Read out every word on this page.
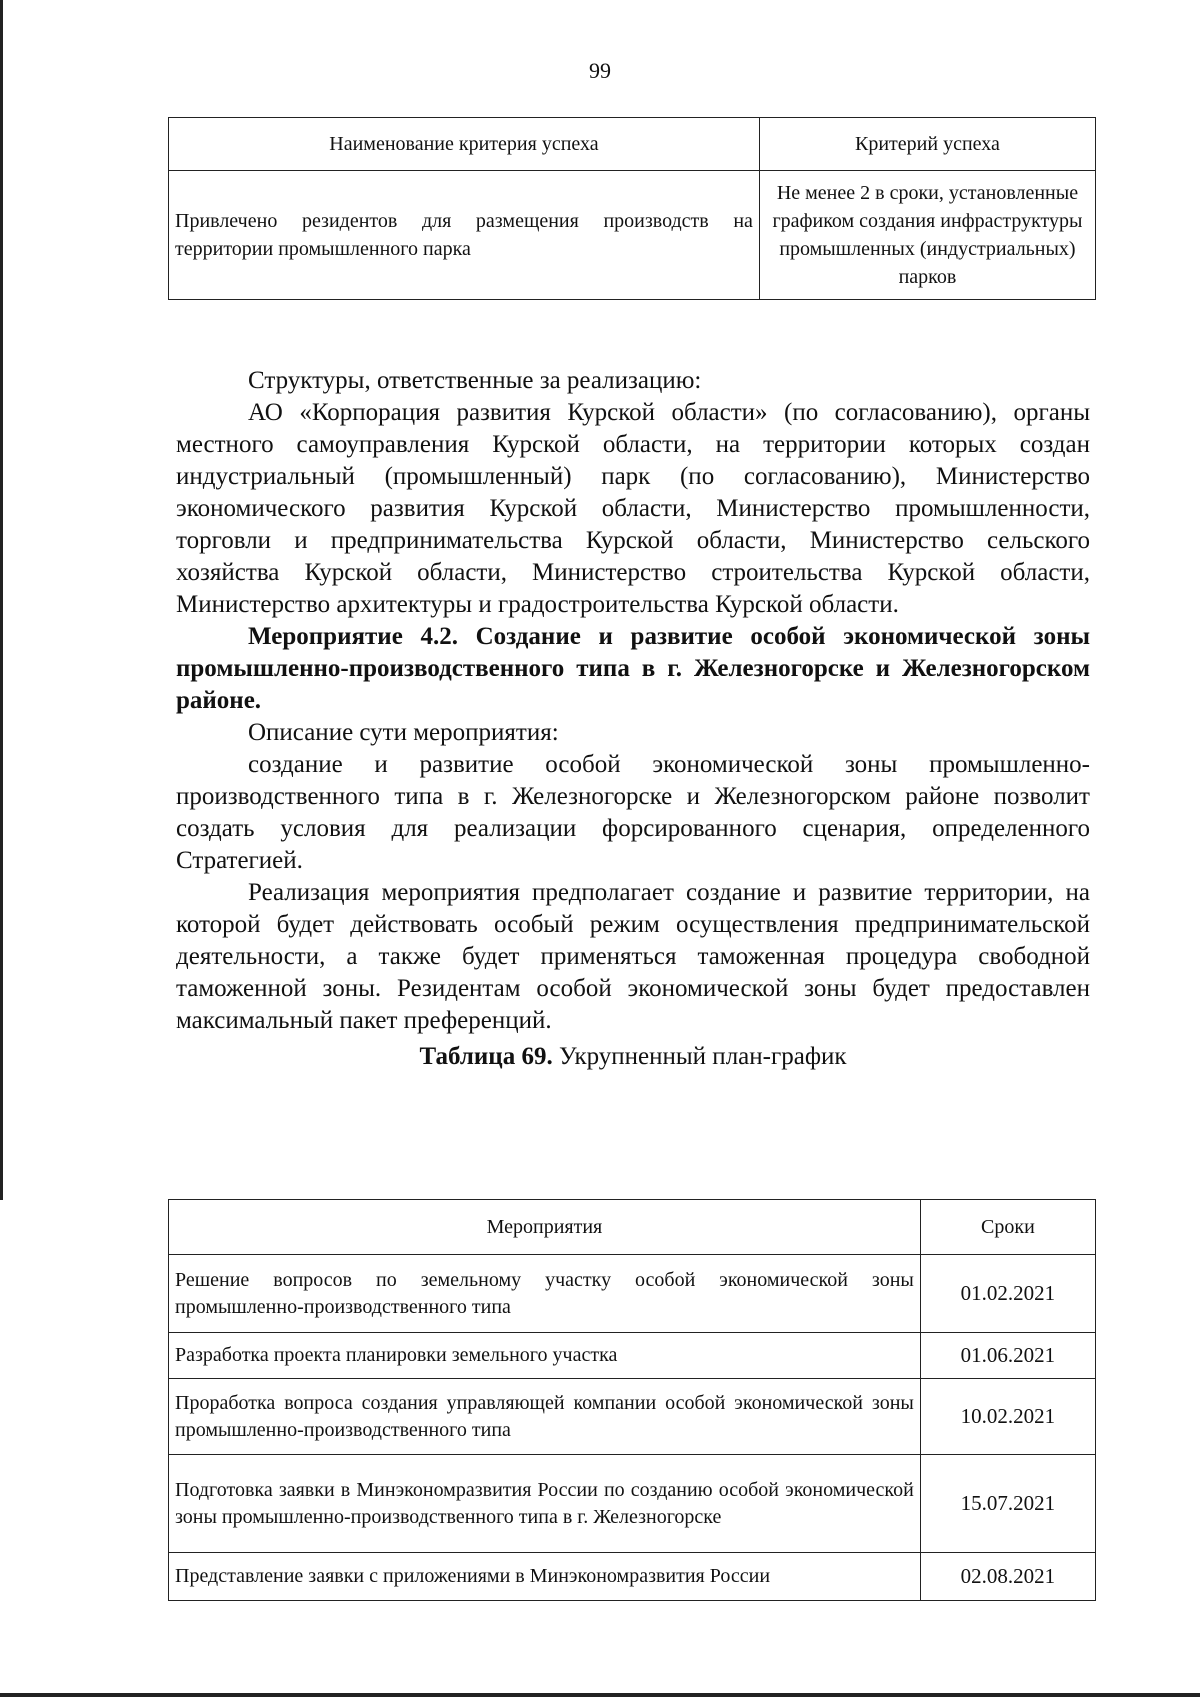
99
Наименование критерия успеха	Критерий успеха
Привлечено резидентов для размещения производств на территории промышленного парка	Не менее 2 в сроки, установленные графиком создания инфраструктуры промышленных (индустриальных) парков

Структуры, ответственные за реализацию:

АО «Корпорация развития Курской области» (по согласованию), органы местного самоуправления Курской области, на территории которых создан индустриальный (промышленный) парк (по согласованию), Министерство экономического развития Курской области, Министерство промышленности, торговли и предпринимательства Курской области, Министерство сельского хозяйства Курской области, Министерство строительства Курской области, Министерство архитектуры и градостроительства Курской области.

Мероприятие 4.2. Создание и развитие особой экономической зоны промышленно-производственного типа в г. Железногорске и Железногорском районе.

Описание сути мероприятия:

создание и развитие особой экономической зоны промышленно-производственного типа в г. Железногорске и Железногорском районе позволит создать условия для реализации форсированного сценария, определенного Стратегией.

Реализация мероприятия предполагает создание и развитие территории, на которой будет действовать особый режим осуществления предпринимательской деятельности, а также будет применяться таможенная процедура свободной таможенной зоны. Резидентам особой экономической зоны будет предоставлен максимальный пакет преференций.

Таблица 69. Укрупненный план-график

Мероприятия	Сроки
Решение вопросов по земельному участку особой экономической зоны промышленно-производственного типа	01.02.2021
Разработка проекта планировки земельного участка	01.06.2021
Проработка вопроса создания управляющей компании особой экономической зоны промышленно-производственного типа	10.02.2021
Подготовка заявки в Минэкономразвития России по созданию особой экономической зоны промышленно-производственного типа в г. Железногорске	15.07.2021
Представление заявки с приложениями в Минэкономразвития России	02.08.2021
